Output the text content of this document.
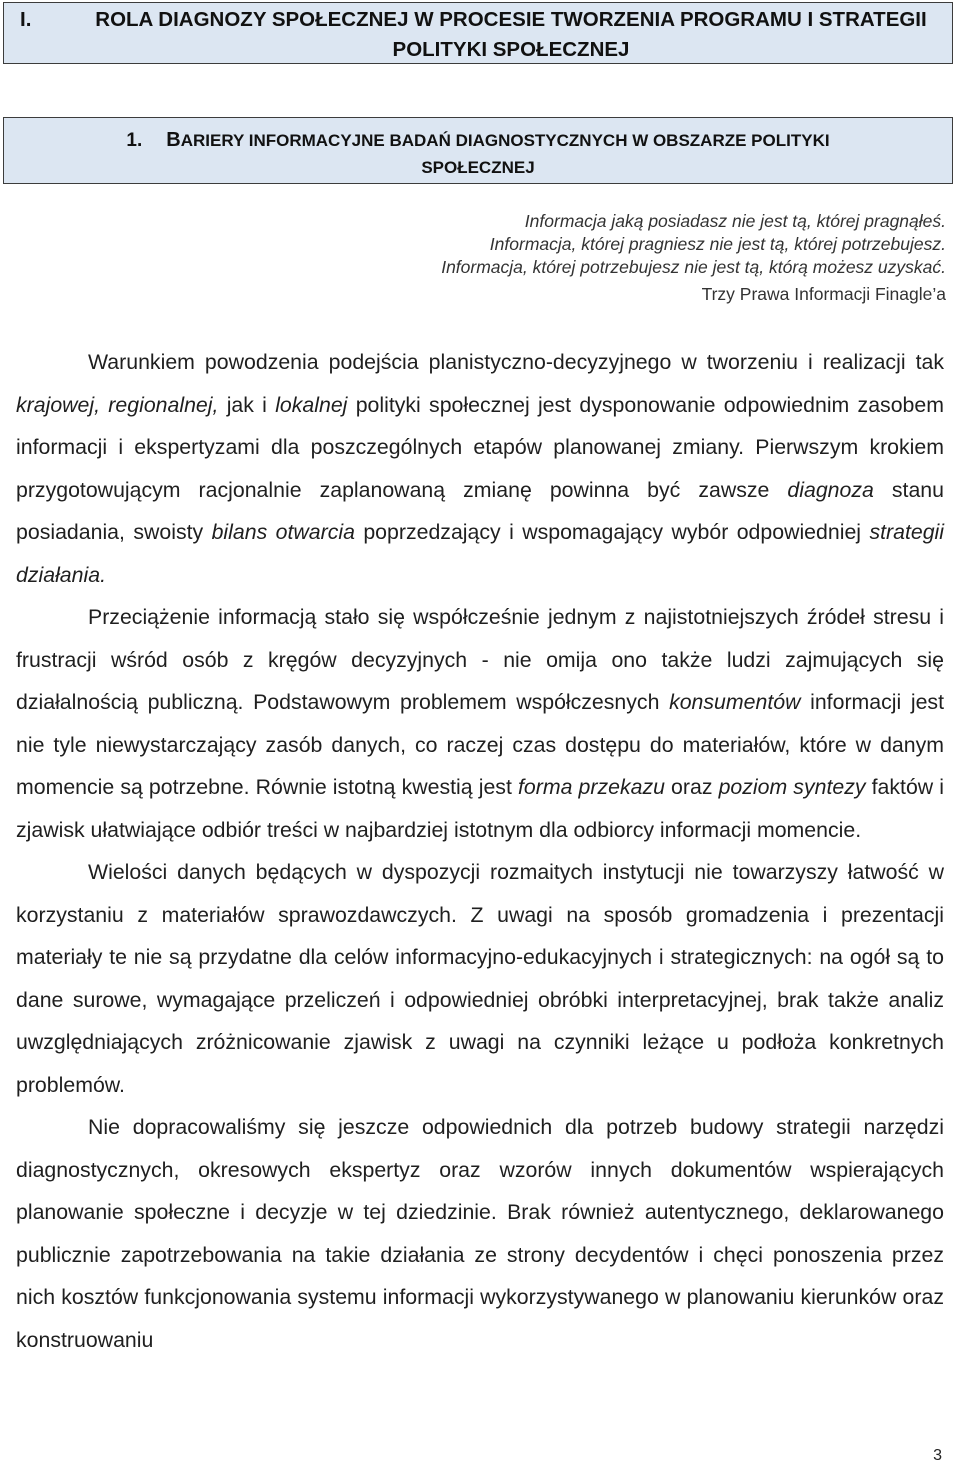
I.	ROLA DIAGNOZY SPOŁECZNEJ W PROCESIE TWORZENIA PROGRAMU I STRATEGII POLITYKI SPOŁECZNEJ
1. BARIERY INFORMACYJNE BADAŃ DIAGNOSTYCZNYCH W OBSZARZE POLITYKI
SPOŁECZNEJ
Informacja jaką posiadasz nie jest tą, której pragnąłeś.
Informacja, której pragniesz nie jest tą, której potrzebujesz.
Informacja, której potrzebujesz nie jest tą, którą możesz uzyskać.
Trzy Prawa Informacji Finagle’a

Warunkiem powodzenia podejścia planistyczno-decyzyjnego w tworzeniu i realizacji tak krajowej, regionalnej, jak i lokalnej polityki społecznej jest dysponowanie odpowiednim zasobem informacji i ekspertyzami dla poszczególnych etapów planowanej zmiany. Pierwszym krokiem przygotowującym racjonalnie zaplanowaną zmianę powinna być zawsze diagnoza stanu posiadania, swoisty bilans otwarcia poprzedzający i wspomagający wybór odpowiedniej strategii działania.

Przeciążenie informacją stało się współcześnie jednym z najistotniejszych źródeł stresu i frustracji wśród osób z kręgów decyzyjnych - nie omija ono także ludzi zajmujących się działalnością publiczną. Podstawowym problemem współczesnych konsumentów informacji jest nie tyle niewystarczający zasób danych, co raczej czas dostępu do materiałów, które w danym momencie są potrzebne. Równie istotną kwestią jest forma przekazu oraz poziom syntezy faktów i zjawisk ułatwiające odbiór treści w najbardziej istotnym dla odbiorcy informacji momencie.

Wielości danych będących w dyspozycji rozmaitych instytucji nie towarzyszy łatwość w korzystaniu z materiałów sprawozdawczych. Z uwagi na sposób gromadzenia i prezentacji materiały te nie są przydatne dla celów informacyjno-edukacyjnych i strategicznych: na ogół są to dane surowe, wymagające przeliczeń i odpowiedniej obróbki interpretacyjnej, brak także analiz uwzględniających zróżnicowanie zjawisk z uwagi na czynniki leżące u podłoża konkretnych problemów.

Nie dopracowaliśmy się jeszcze odpowiednich dla potrzeb budowy strategii narzędzi diagnostycznych, okresowych ekspertyz oraz wzorów innych dokumentów wspierających planowanie społeczne i decyzje w tej dziedzinie. Brak również autentycznego, deklarowanego publicznie zapotrzebowania na takie działania ze strony decydentów i chęci ponoszenia przez nich kosztów funkcjonowania systemu informacji wykorzystywanego w planowaniu kierunków oraz konstruowaniu

3
